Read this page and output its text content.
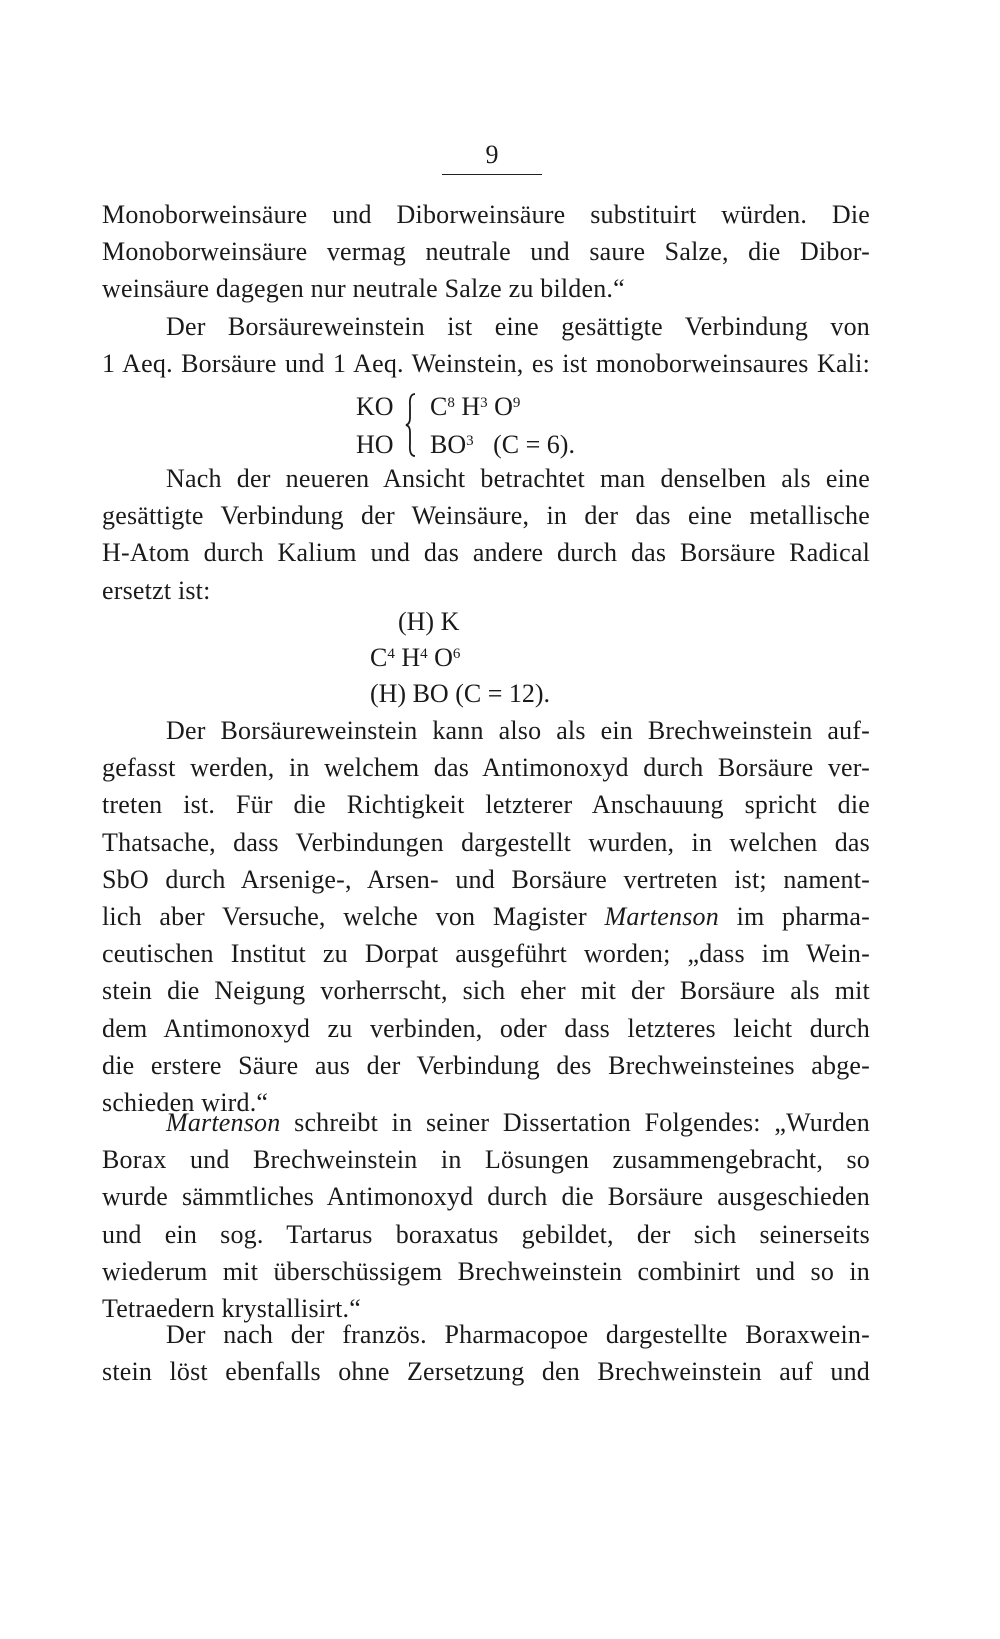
9
Monoborweinsäure und Diborweinsäure substituirt würden. Die
Monoborweinsäure vermag neutrale und saure Salze, die Dibor-
weinsäure dagegen nur neutrale Salze zu bilden.“
Der Borsäureweinstein ist eine gesättigte Verbindung von
1 Aeq. Borsäure und 1 Aeq. Weinstein, es ist monoborweinsaures Kali:
KO	$C^8$ $H^3$ $O^9$
HO	$BO^3$ (C = 6).
Nach der neueren Ansicht betrachtet man denselben als eine
gesättigte Verbindung der Weinsäure, in der das eine metallische
H-Atom durch Kalium und das andere durch das Borsäure Radical
ersetzt ist:
(H) K
$C^4$ $H^4$ $O^6$
(H) BO (C = 12).
Der Borsäureweinstein kann also als ein Brechweinstein auf-
gefasst werden, in welchem das Antimonoxyd durch Borsäure ver-
treten ist. Für die Richtigkeit letzterer Anschauung spricht die
Thatsache, dass Verbindungen dargestellt wurden, in welchen das
SbO durch Arsenige-, Arsen- und Borsäure vertreten ist; nament-
lich aber Versuche, welche von Magister Martenson im pharma-
ceutischen Institut zu Dorpat ausgeführt worden; „dass im Wein-
stein die Neigung vorherrscht, sich eher mit der Borsäure als mit
dem Antimonoxyd zu verbinden, oder dass letzteres leicht durch
die erstere Säure aus der Verbindung des Brechweinsteines abge-
schieden wird.“
Martenson schreibt in seiner Dissertation Folgendes: „Wurden
Borax und Brechweinstein in Lösungen zusammengebracht, so
wurde sämmtliches Antimonoxyd durch die Borsäure ausgeschieden
und ein sog. Tartarus boraxatus gebildet, der sich seinerseits
wiederum mit überschüssigem Brechweinstein combinirt und so in
Tetraedern krystallisirt.“
Der nach der französ. Pharmacopoe dargestellte Boraxwein-
stein löst ebenfalls ohne Zersetzung den Brechweinstein auf und
